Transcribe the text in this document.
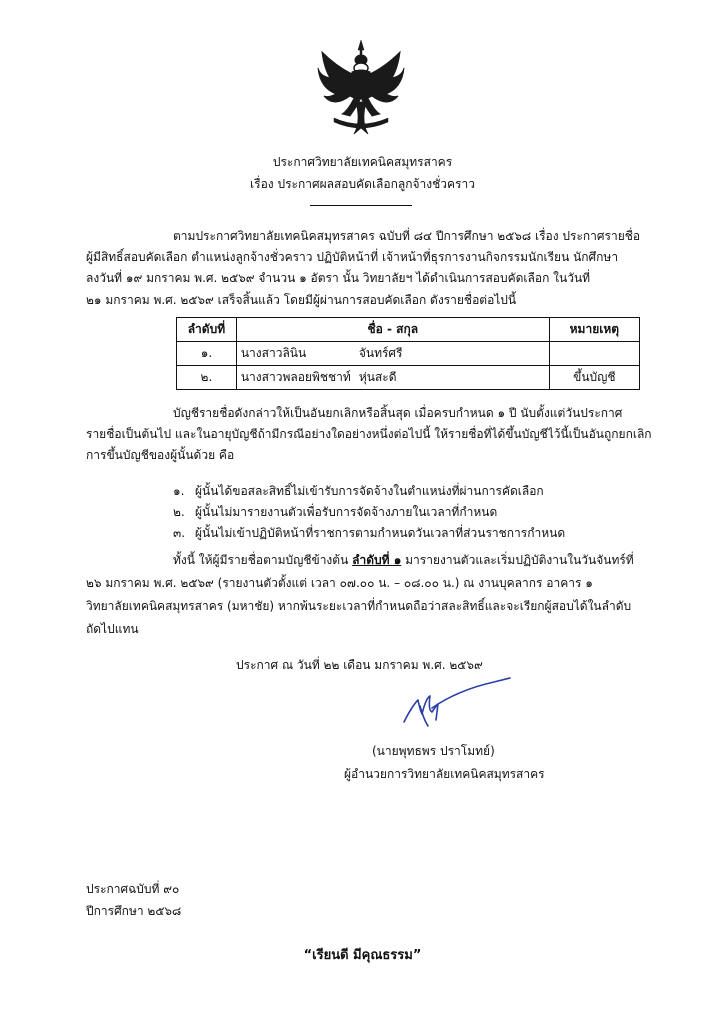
ประกาศวิทยาลัยเทคนิคสมุทรสาคร
เรื่อง ประกาศผลสอบคัดเลือกลูกจ้างชั่วคราว
ตามประกาศวิทยาลัยเทคนิคสมุทรสาคร ฉบับที่ ๘๔ ปีการศึกษา ๒๕๖๘ เรื่อง ประกาศรายชื่อ
ผู้มีสิทธิ์สอบคัดเลือก ตำแหน่งลูกจ้างชั่วคราว ปฏิบัติหน้าที่ เจ้าหน้าที่ธุรการงานกิจกรรมนักเรียน นักศึกษา
ลงวันที่ ๑๙ มกราคม พ.ศ. ๒๕๖๙ จำนวน ๑ อัตรา นั้น วิทยาลัยฯ ได้ดำเนินการสอบคัดเลือก ในวันที่
๒๑ มกราคม พ.ศ. ๒๕๖๙ เสร็จสิ้นแล้ว โดยมีผู้ผ่านการสอบคัดเลือก ดังรายชื่อต่อไปนี้
ลำดับที่	ชื่อ - สกุล	หมายเหตุ
๑.	นางสาวลินิน จันทร์ศรี	
๒.	นางสาวพลอยพิชชาท์ หุ่นสะดี	ขึ้นบัญชี
บัญชีรายชื่อดังกล่าวให้เป็นอันยกเลิกหรือสิ้นสุด เมื่อครบกำหนด ๑ ปี นับตั้งแต่วันประกาศ
รายชื่อเป็นต้นไป และในอายุบัญชีถ้ามีกรณีอย่างใดอย่างหนึ่งต่อไปนี้ ให้รายชื่อที่ได้ขึ้นบัญชีไว้นี้เป็นอันถูกยกเลิก
การขึ้นบัญชีของผู้นั้นด้วย คือ
๑. ผู้นั้นได้ขอสละสิทธิ์ไม่เข้ารับการจัดจ้างในตำแหน่งที่ผ่านการคัดเลือก
๒. ผู้นั้นไม่มารายงานตัวเพื่อรับการจัดจ้างภายในเวลาที่กำหนด
๓. ผู้นั้นไม่เข้าปฏิบัติหน้าที่ราชการตามกำหนดวันเวลาที่ส่วนราชการกำหนด
ทั้งนี้ ให้ผู้มีรายชื่อตามบัญชีข้างต้น ลำดับที่ ๑ มารายงานตัวและเริ่มปฏิบัติงานในวันจันทร์ที่
๒๖ มกราคม พ.ศ. ๒๕๖๙ (รายงานตัวตั้งแต่ เวลา ๐๗.๐๐ น. – ๐๘.๐๐ น.) ณ งานบุคลากร อาคาร ๑
วิทยาลัยเทคนิคสมุทรสาคร (มหาชัย) หากพ้นระยะเวลาที่กำหนดถือว่าสละสิทธิ์และจะเรียกผู้สอบได้ในลำดับ
ถัดไปแทน
ประกาศ ณ วันที่ ๒๒ เดือน มกราคม พ.ศ. ๒๕๖๙
(นายพุทธพร ปราโมทย์)
ผู้อำนวยการวิทยาลัยเทคนิคสมุทรสาคร
ประกาศฉบับที่ ๙๐
ปีการศึกษา ๒๕๖๘
“เรียนดี มีคุณธรรม”
